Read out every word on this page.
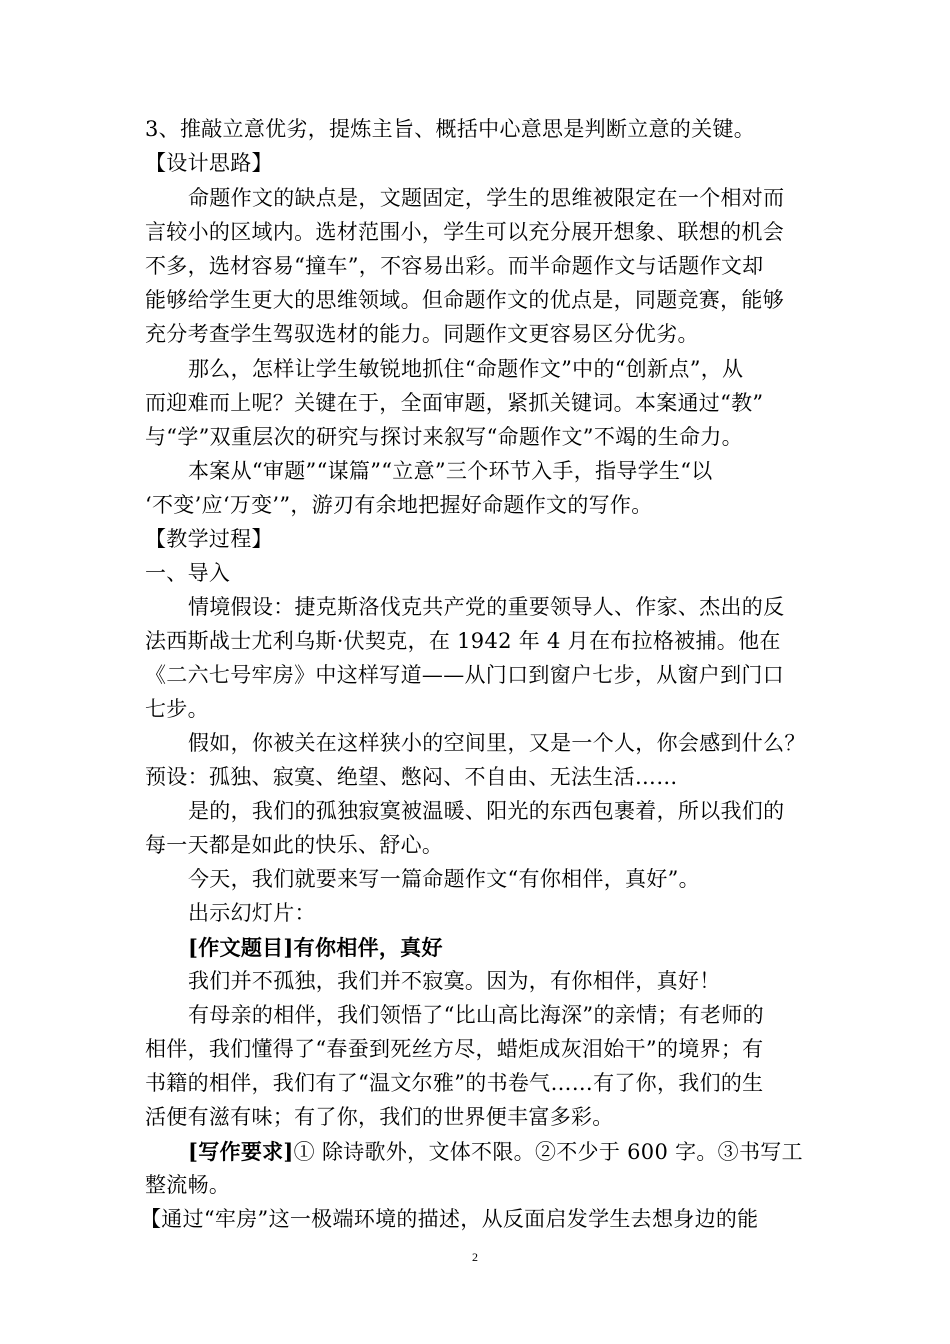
3、推敲立意优劣，提炼主旨、概括中心意思是判断立意的关键。
【设计思路】
命题作文的缺点是，文题固定，学生的思维被限定在一个相对而
言较小的区域内。选材范围小，学生可以充分展开想象、联想的机会
不多，选材容易“撞车”，不容易出彩。而半命题作文与话题作文却
能够给学生更大的思维领域。但命题作文的优点是，同题竞赛，能够
充分考查学生驾驭选材的能力。同题作文更容易区分优劣。
那么，怎样让学生敏锐地抓住“命题作文”中的“创新点”，从
而迎难而上呢？关键在于，全面审题，紧抓关键词。本案通过“教”
与“学”双重层次的研究与探讨来叙写“命题作文”不竭的生命力。
本案从“审题”“谋篇”“立意”三个环节入手，指导学生“以
‘不变’应‘万变’”，游刃有余地把握好命题作文的写作。
【教学过程】
一、导入
情境假设：捷克斯洛伐克共产党的重要领导人、作家、杰出的反
法西斯战士尤利乌斯·伏契克，在 1942 年 4 月在布拉格被捕。他在
《二六七号牢房》中这样写道——从门口到窗户七步，从窗户到门口
七步。
假如，你被关在这样狭小的空间里，又是一个人，你会感到什么？
预设：孤独、寂寞、绝望、憋闷、不自由、无法生活……
是的，我们的孤独寂寞被温暖、阳光的东西包裹着，所以我们的
每一天都是如此的快乐、舒心。
今天，我们就要来写一篇命题作文“有你相伴，真好”。
出示幻灯片：
[作文题目]有你相伴，真好
我们并不孤独，我们并不寂寞。因为，有你相伴，真好！
有母亲的相伴，我们领悟了“比山高比海深”的亲情；有老师的
相伴，我们懂得了“春蚕到死丝方尽，蜡炬成灰泪始干”的境界；有
书籍的相伴，我们有了“温文尔雅”的书卷气……有了你，我们的生
活便有滋有味；有了你，我们的世界便丰富多彩。
[写作要求]① 除诗歌外，文体不限。②不少于 600 字。③书写工
整流畅。
【通过“牢房”这一极端环境的描述，从反面启发学生去想身边的能
2
